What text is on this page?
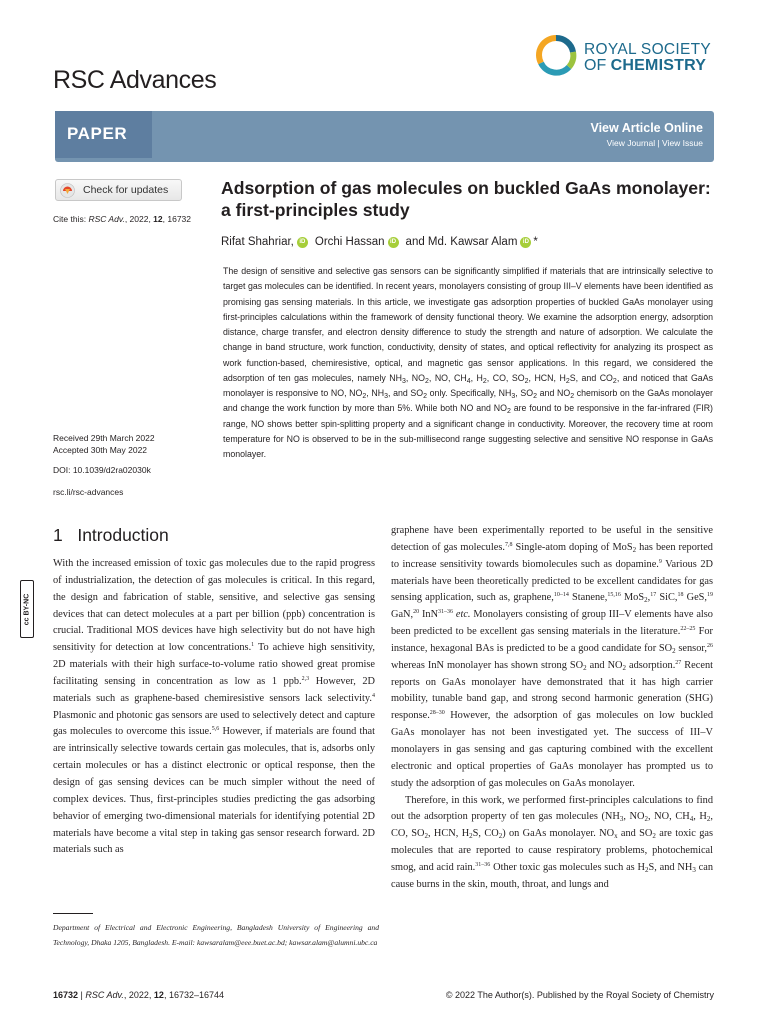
RSC Advances
ROYAL SOCIETY
OF CHEMISTRY
PAPER	View Article Online
View Journal | View Issue
Check for updates
Cite this: RSC Adv., 2022, 12, 16732
Adsorption of gas molecules on buckled GaAs monolayer: a first-principles study
Rifat Shahriar, iD Orchi Hassan iD and Md. Kawsar Alam iD *
The design of sensitive and selective gas sensors can be significantly simplified if materials that are intrinsically selective to target gas molecules can be identified. In recent years, monolayers consisting of group III–V elements have been identified as promising gas sensing materials. In this article, we investigate gas adsorption properties of buckled GaAs monolayer using first-principles calculations within the framework of density functional theory. We examine the adsorption energy, adsorption distance, charge transfer, and electron density difference to study the strength and nature of adsorption. We calculate the change in band structure, work function, conductivity, density of states, and optical reflectivity for analyzing its prospect as work function-based, chemiresistive, optical, and magnetic gas sensor applications. In this regard, we considered the adsorption of ten gas molecules, namely $NH_3$, $NO_2$, NO, $CH_4$, $H_2$, CO, $SO_2$, HCN, $H_2S$, and $CO_2$, and noticed that GaAs monolayer is responsive to NO, $NO_2$, $NH_3$, and $SO_2$ only. Specifically, $NH_3$, $SO_2$ and $NO_2$ chemisorb on the GaAs monolayer and change the work function by more than 5%. While both NO and $NO_2$ are found to be responsive in the far-infrared (FIR) range, NO shows better spin-splitting property and a significant change in conductivity. Moreover, the recovery time at room temperature for NO is observed to be in the sub-millisecond range suggesting selective and sensitive NO response in GaAs monolayer.
Received 29th March 2022
Accepted 30th May 2022
DOI: 10.1039/d2ra02030k
rsc.li/rsc-advances
cc BY-NC
1 Introduction

With the increased emission of toxic gas molecules due to the rapid progress of industrialization, the detection of gas molecules is critical. In this regard, the design and fabrication of stable, sensitive, and selective gas sensing devices that can detect molecules at a part per billion (ppb) concentration is crucial. Traditional MOS devices have high selectivity but do not have high sensitivity for detection at low concentrations.$^1$ To achieve high sensitivity, 2D materials with their high surface-to-volume ratio showed great promise facilitating sensing in concentration as low as 1 ppb.$^{2,3}$ However, 2D materials such as graphene-based chemiresistive sensors lack selectivity.$^4$ Plasmonic and photonic gas sensors are used to selectively detect and capture gas molecules to overcome this issue.$^{5,6}$ However, if materials are found that are intrinsically selective towards certain gas molecules, that is, adsorbs only certain molecules or has a distinct electronic or optical response, then the design of gas sensing devices can be much simpler without the need of complex devices. Thus, first-principles studies predicting the gas adsorbing behavior of emerging two-dimensional materials for identifying potential 2D materials have become a vital step in taking gas sensor research forward. 2D materials such as

graphene have been experimentally reported to be useful in the sensitive detection of gas molecules.$^{7,8}$ Single-atom doping of MoS$_2$ has been reported to increase sensitivity towards biomolecules such as dopamine.$^9$ Various 2D materials have been theoretically predicted to be excellent candidates for gas sensing application, such as, graphene,$^{10-14}$ Stanene,$^{15,16}$ MoS$_2$,$^{17}$ SiC,$^{18}$ GeS,$^{19}$ GaN,$^{20}$ InN$^{31-36}$ etc. Monolayers consisting of group III–V elements have also been predicted to be excellent gas sensing materials in the literature.$^{22-25}$ For instance, hexagonal BAs is predicted to be a good candidate for $SO_2$ sensor,$^{26}$ whereas InN monolayer has shown strong $SO_2$ and $NO_2$ adsorption.$^{27}$ Recent reports on GaAs monolayer have demonstrated that it has high carrier mobility, tunable band gap, and strong second harmonic generation (SHG) response.$^{28-30}$ However, the adsorption of gas molecules on low buckled GaAs monolayer has not been investigated yet. The success of III–V monolayers in gas sensing and gas capturing combined with the excellent electronic and optical properties of GaAs monolayer has prompted us to study the adsorption of gas molecules on GaAs monolayer.

Therefore, in this work, we performed first-principles calculations to find out the adsorption property of ten gas molecules ($NH_3$, $NO_2$, NO, $CH_4$, $H_2$, CO, $SO_2$, HCN, $H_2S$, $CO_2$) on GaAs monolayer. $NO_x$ and $SO_2$ are toxic gas molecules that are reported to cause respiratory problems, photochemical smog, and acid rain.$^{31-36}$ Other toxic gas molecules such as $H_2S$, and $NH_3$ can cause burns in the skin, mouth, throat, and lungs and

Department of Electrical and Electronic Engineering, Bangladesh University of Engineering and Technology, Dhaka 1205, Bangladesh. E-mail: kawsaralam@eee.buet.ac.bd; kawsar.alam@alumni.ubc.ca
16732 | RSC Adv., 2022, 12, 16732–16744	© 2022 The Author(s). Published by the Royal Society of Chemistry
